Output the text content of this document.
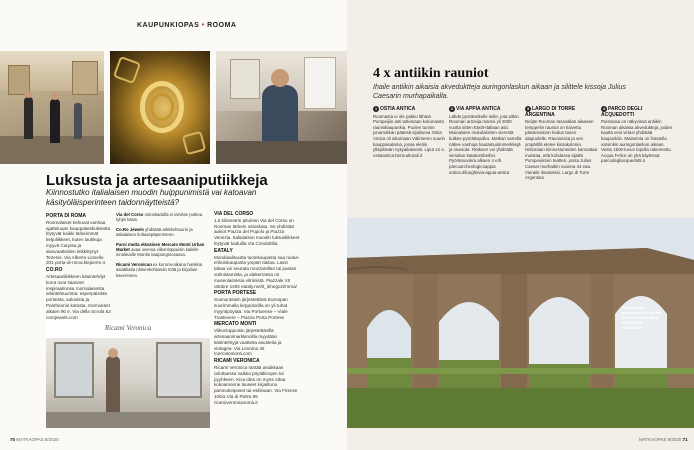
KAUPUNKIOPAS • ROOMA
Luksusta ja artesaaniputiikkeja
Kiinnostutko italialaisen muodin huippunimistä vai katoavan käsityöläisperinteen taidonnäytteistä?
PORTA DI ROMA

Roomalaiset kehuvat vanhaa ajatteluaan kauppakeskuksesta löytyvät kaikki tärkeimmät ketjuliikkeet, kuten laukkuja myyvä Carpisa ja alusvaatteiden leikkittynyt Tezenis. Via Alberto Lionello 201 porta-di-roma.klepierre.it

CO.RO

Artesaaniliikkeen käsintehdyt korut ovat saaneet inspiraationsa roomalaisesta arkkitehtuurista: esperpäisistä portaista, aukioista ja Pantheonin katosta. Sormukset alkaen 90 e. Via della Scrofa 52 corojewels.com

Via del Corso ostoskadulla ei tarvitse potkea tyhjin käsin.

Co.Ro Jewels yhdistää arkkitehtuurin ja italialaisen kultasepäperinteen.

Parni mutta eläväinen Mercato Monti Urban Market avaa ovensa viikonloppuisin kaikille innokkaille Montin kaupunginosassa.

Ricami Veronican ex korona-aikana hankkia asiakkaita niimenkohtaisiin töitä ja kirjailuin kavereinen.

VIA DEL CORSO

1,5 kilometrin pituinen Via del Corso on Rooman tärkein ostoskatu. Se yhdistää aukiot Piazza del Popolo ja Piazza Venezia. Italialaisen muodin luksusliikkeet löytyvät kaduilla Via Condottilla.

EATALY

Mondiaalisuutta tuotekaupasta saa ruoka-erikoiskaupasta ympäri Italiaa. Lasin takaa voi seurata mozzarellan tai pastan valmistamista, ja alakerrassa on museolaitoksia vitriinistä. Piazzale XII ottobre 1492 eataly.net/it_it/negozi/roma/

PORTA PORTESE

Sunnuntaisin järjestettävä Euroopan suurimmalla kirpputorilla on yli tuhat myyntipöytää. Via Portuense – Viale Trastevere – Piazza Porta Portese

MERCATO MONTI

Viikonloppuisin järjestettävillä artesaanimarkkinoilla myydään käsintehtyjä vaatteita asusteita ja vintagea. Via Leonina 46 mercatomonti.com

RICAMI VERONICA

Ricami Veronica räntää asiakkaan odottaessa vaikka pöytäliinojen tai pyyhkeen. Kiva idea on myös ottaa kokoamanne lauseet kirjailtuna pamnukeiposet tai esiliinaan. Via Firenze 106/a Via di Pietra 85 ricamiveronicaroma.it

Ricami Veronica
70 MATKAOPAS 8/2020	MATKAOPAS 8/2020 71
4 x antiikin rauniot
Ihaile antiikin aikaisia akveduktteja auringonlaskun aikaan ja silittele kissoja Julius Caesarin murhapaikalla.
1 OSTIA ANTICA

Roomasta ei ole pakko lähteä Pompeijiin asti tutkimaan kokonaista rauniokaupunkia. Puolen tunnin junamatkan päässä sijaitseva Ostia Antica oli aikoinaan Välimeren suurin kauppasatama, jossa eletiin ylläpitävän nykyaikaisesti. Liput 12 e. ostiaantica.beniculturali.it

2 VIA APPIA ANTICA

Lähde pyöräretkelle tielle, jota pitkin Rooman armeija marssi yli 2000 vuotta sitten Etelä-Italiaan asti. Muinaisten mukulakivien vierestä kulkee pyörätiepolku. Matkan varrella näkee vanhoja hautamuistomerkkejä ja rauniota. Retkeen voi yhdistää vierailun katakombeihin. Pyöränvuokra alkaen 4 e/h. parcoarcheologicoappia antica.it/luoghi/via-appia-antica

3 LARGO DI TORRE ARGENTINA

Neljän Rooman tasavallan aikaisen temppelin rauniot on kaivettu päivänvaloon kadun tason alapuolelle. Raunioissa ja sen ympärillä elelee kissakolonia. Historiaan kiinnostuneiden kannattaa muistaa, että kohdassa sijaitsi Pompeiuksen teatteri, jossa Julius Caesar murhattiin vuonna 44 eaa. Vieraile ilmaiseksi. Largo di Torre Argentina

4 PARCO DEGLI ACQUEDOTTI

Puistossa on näkyvissä antiikin Rooman aikaisia akvedukteja, joiden kautta vesi virtasi yhdistää kaupunkiin. Maisemia on ihastella varsinkin auringonlaskun aikaan. Vesta 1500-luvun lopulla rakennettu Acqua Felice on yhä käytössä. parcodegliacquedotti.it

Akveduktien puistossa voi nauttia luonnonrauhasta ja näyttävistä raunioista.
